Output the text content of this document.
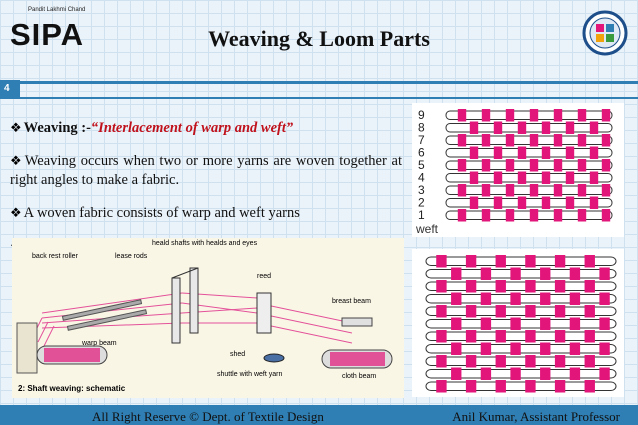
Pandit Lakhmi Chand
SIPA	Weaving & Loom Parts
4

❖ Weaving :-“Interlacement of warp and weft”

❖ Weaving occurs when two or more yarns are woven together at right angles to make a fabric.

❖ A woven fabric consists of warp and weft yarns

❖

back rest roller	lease rods
heald shafts with healds and eyes
reed
breast beam
warp beam
shed
shuttle with weft yarn	cloth beam
2: Shaft weaving: schematic
9
8
7
6
5
4
3
2
1
weft
All Right Reserve © Dept. of Textile Design	Anil Kumar, Assistant Professor
